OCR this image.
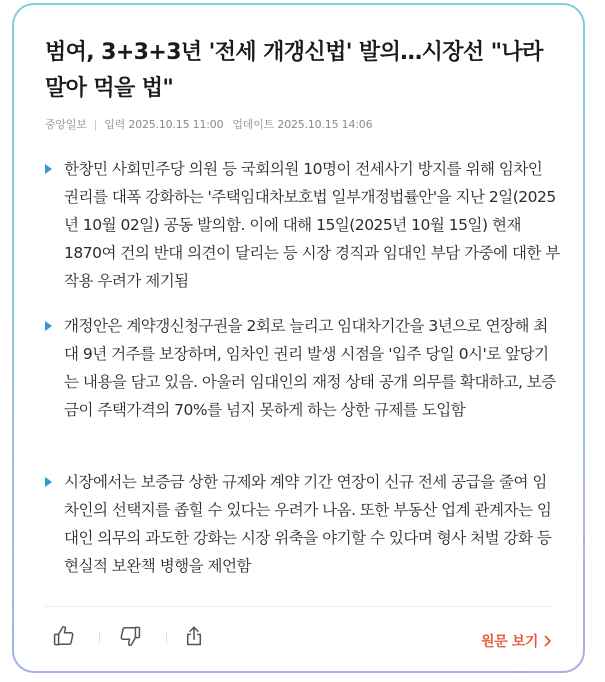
범여, 3+3+3년 '전세 개갱신법' 발의…시장선 "나라 말아 먹을 법"
중앙일보 | 입력 2025.10.15 11:00 업데이트 2025.10.15 14:06
한창민 사회민주당 의원 등 국회의원 10명이 전세사기 방지를 위해 임차인 권리를 대폭 강화하는 '주택임대차보호법 일부개정법률안'을 지난 2일(2025년 10월 02일) 공동 발의함. 이에 대해 15일(2025년 10월 15일) 현재 1870여 건의 반대 의견이 달리는 등 시장 경직과 임대인 부담 가중에 대한 부작용 우려가 제기됨
개정안은 계약갱신청구권을 2회로 늘리고 임대차기간을 3년으로 연장해 최대 9년 거주를 보장하며, 임차인 권리 발생 시점을 '입주 당일 0시'로 앞당기는 내용을 담고 있음. 아울러 임대인의 재정 상태 공개 의무를 확대하고, 보증금이 주택가격의 70%를 넘지 못하게 하는 상한 규제를 도입함
시장에서는 보증금 상한 규제와 계약 기간 연장이 신규 전세 공급을 줄여 임차인의 선택지를 좁힐 수 있다는 우려가 나옴. 또한 부동산 업계 관계자는 임대인 의무의 과도한 강화는 시장 위축을 야기할 수 있다며 형사 처벌 강화 등 현실적 보완책 병행을 제언함
원문 보기
